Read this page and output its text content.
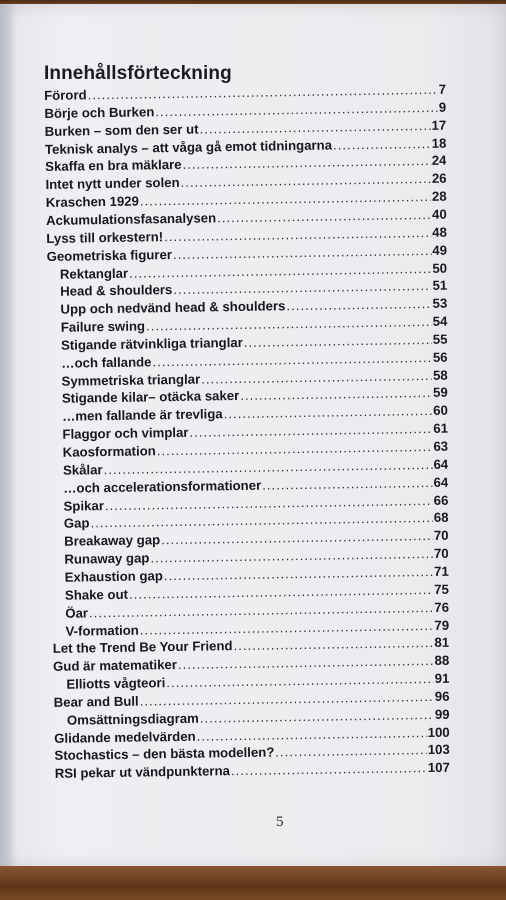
Innehållsförteckning
Förord .....	7
Börje och Burken .....	9
Burken – som den ser ut .....	17
Teknisk analys – att våga gå emot tidningarna .....	18
Skaffa en bra mäklare .....	24
Intet nytt under solen .....	26
Kraschen 1929 .....	28
Ackumulationsfasanalysen .....	40
Lyss till orkestern! .....	48
Geometriska figurer .....	49
Rektanglar .....	50
Head & shoulders .....	51
Upp och nedvänd head & shoulders .....	53
Failure swing .....	54
Stigande rätvinkliga trianglar .....	55
…och fallande .....	56
Symmetriska trianglar .....	58
Stigande kilar– otäcka saker .....	59
…men fallande är trevliga .....	60
Flaggor och vimplar .....	61
Kaosformation .....	63
Skålar .....	64
…och accelerationsformationer .....	64
Spikar .....	66
Gap .....	68
Breakaway gap .....	70
Runaway gap .....	70
Exhaustion gap .....	71
Shake out .....	75
Öar .....	76
V-formation .....	79
Let the Trend Be Your Friend .....	81
Gud är matematiker .....	88
Elliotts vågteori .....	91
Bear and Bull .....	96
Omsättningsdiagram .....	99
Glidande medelvärden .....	100
Stochastics – den bästa modellen? .....	103
RSI pekar ut vändpunkterna .....	107
5
